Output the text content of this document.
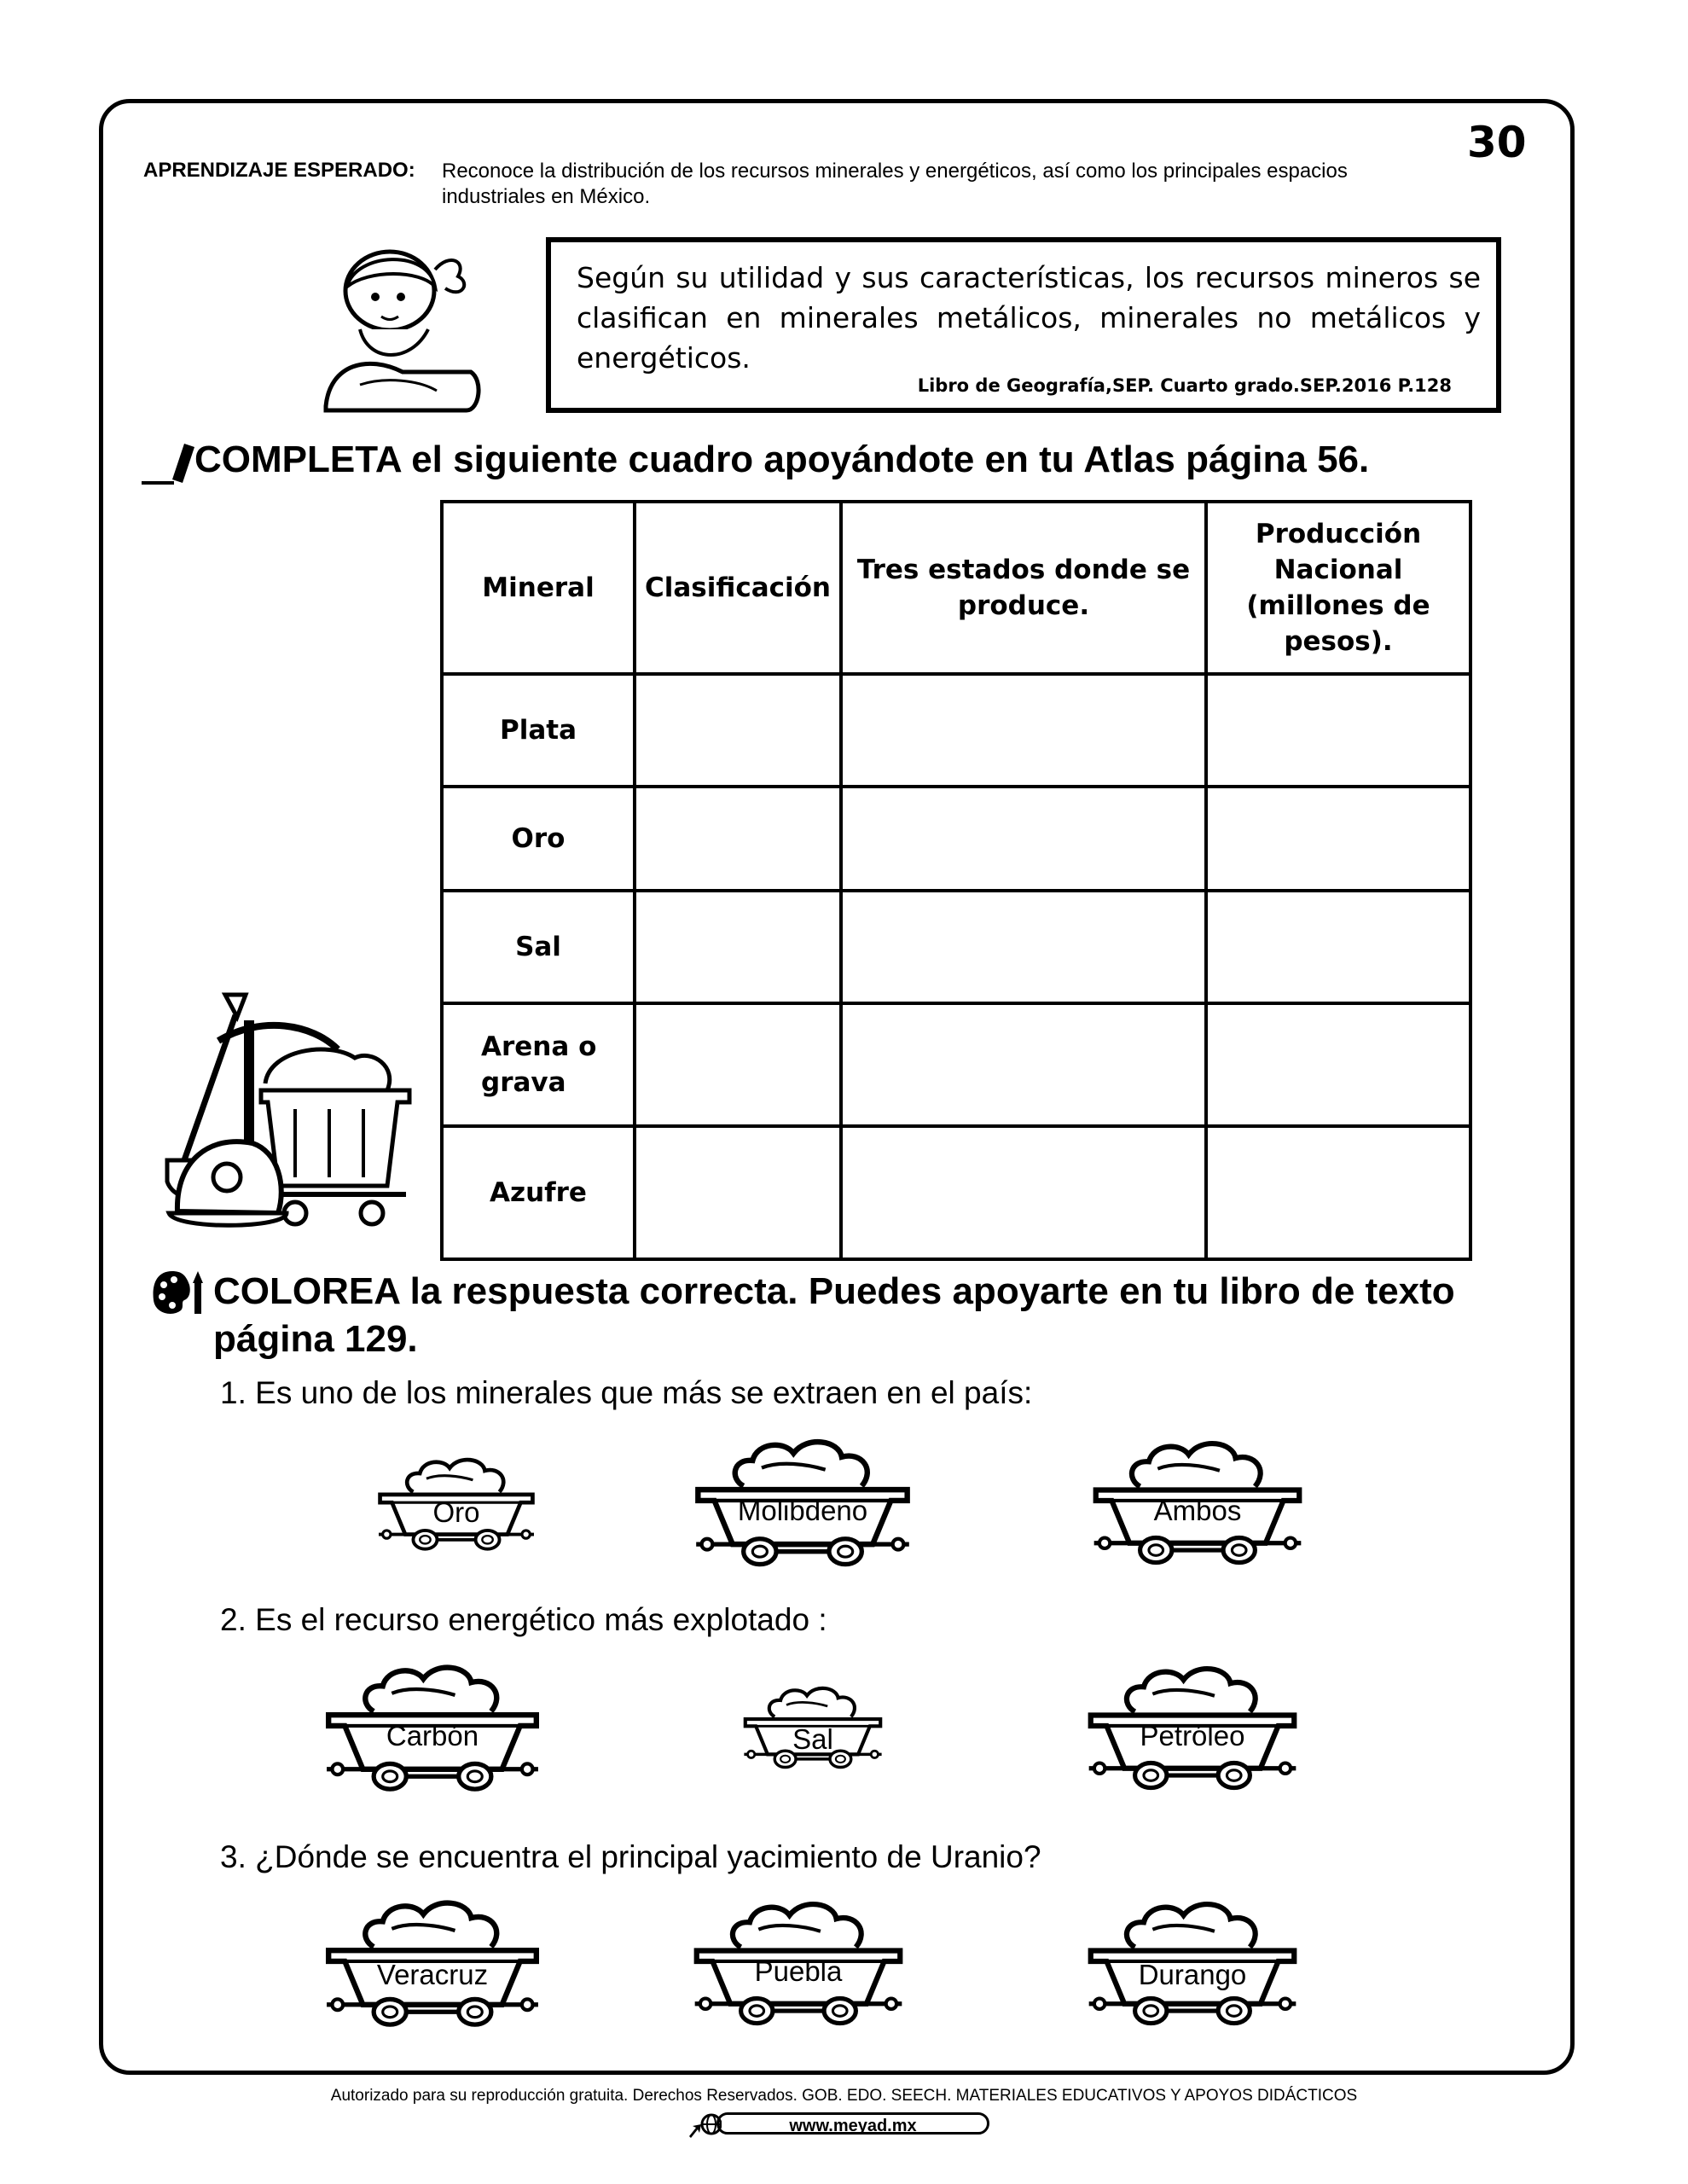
30
APRENDIZAJE ESPERADO: Reconoce la distribución de los recursos minerales y energéticos, así como los principales espacios industriales en México.
Según su utilidad y sus características, los recursos mineros se clasifican en minerales metálicos, minerales no metálicos y energéticos.
Libro de Geografía,SEP. Cuarto grado.SEP.2016 P.128
COMPLETA el siguiente cuadro apoyándote en tu Atlas página 56.
Mineral	Clasificación	Tres estados donde se produce.	Producción Nacional (millones de pesos).
Plata			
Oro			
Sal			
Arena o grava			
Azufre			
COLOREA la respuesta correcta. Puedes apoyarte en tu libro de texto página 129.
1. Es uno de los minerales que más se extraen en el país:
Oro	Molibdeno	Ambos
2. Es el recurso energético más explotado :
Carbón	Sal	Petróleo
3. ¿Dónde se encuentra el principal yacimiento de Uranio?
Veracruz	Puebla	Durango
Autorizado para su reproducción gratuita. Derechos Reservados. GOB. EDO. SEECH. MATERIALES EDUCATIVOS Y APOYOS DIDÁCTICOS
www.meyad.mx
